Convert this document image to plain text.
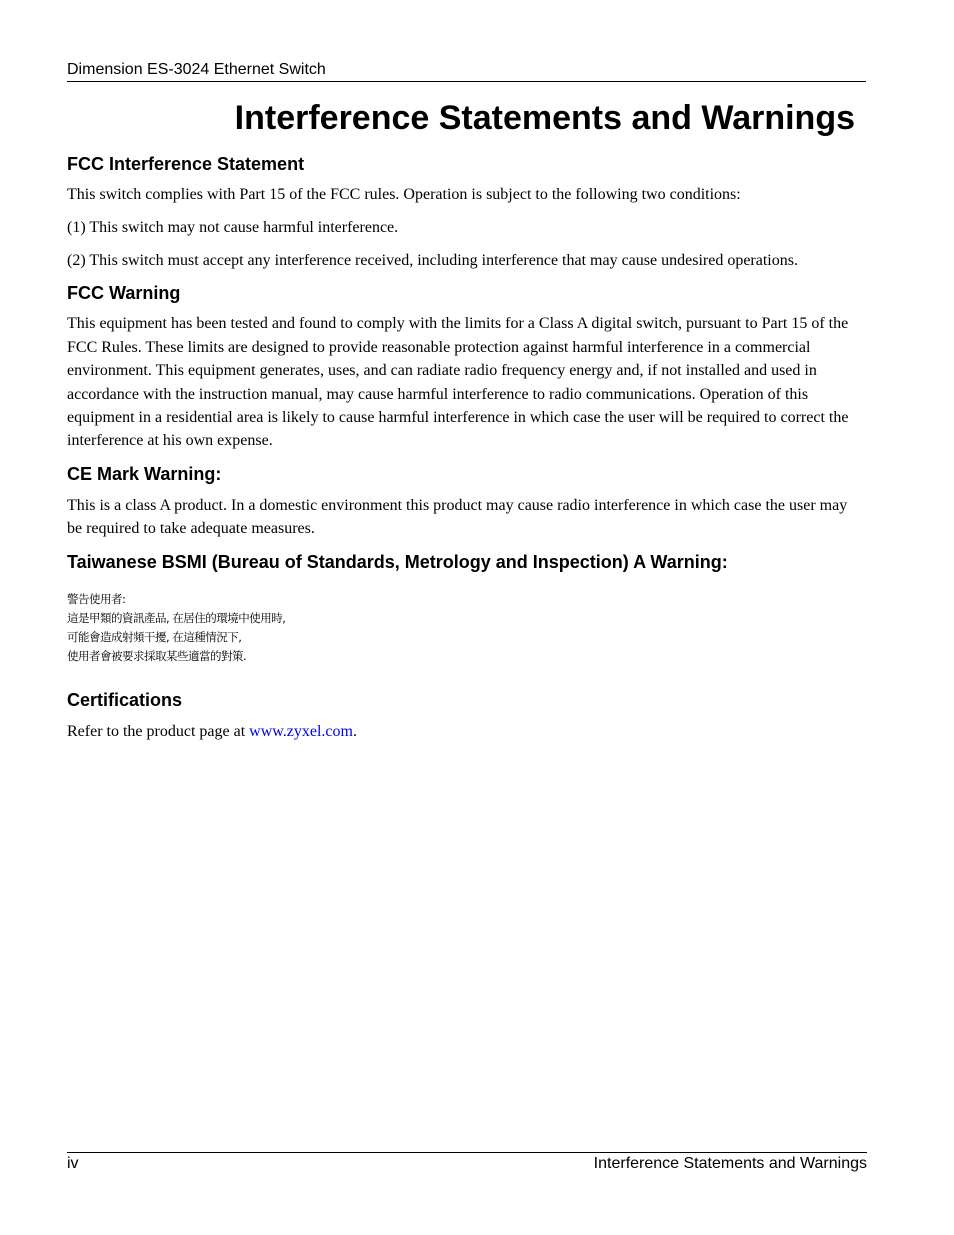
Dimension ES-3024 Ethernet Switch
Interference Statements and Warnings
FCC Interference Statement

This switch complies with Part 15 of the FCC rules. Operation is subject to the following two conditions:

(1) This switch may not cause harmful interference.

(2) This switch must accept any interference received, including interference that may cause undesired operations.

FCC Warning

This equipment has been tested and found to comply with the limits for a Class A digital switch, pursuant to Part 15 of the FCC Rules. These limits are designed to provide reasonable protection against harmful interference in a commercial environment. This equipment generates, uses, and can radiate radio frequency energy and, if not installed and used in accordance with the instruction manual, may cause harmful interference to radio communications. Operation of this equipment in a residential area is likely to cause harmful interference in which case the user will be required to correct the interference at his own expense.

CE Mark Warning:

This is a class A product. In a domestic environment this product may cause radio interference in which case the user may be required to take adequate measures.

Taiwanese BSMI (Bureau of Standards, Metrology and Inspection) A Warning:

警告使用者:

這是甲類的資訊產品, 在居住的環境中使用時,

可能會造成射頻干擾, 在這種情況下,

使用者會被要求採取某些適當的對策.

Certifications

Refer to the product page at www.zyxel.com.

iv	Interference Statements and Warnings
